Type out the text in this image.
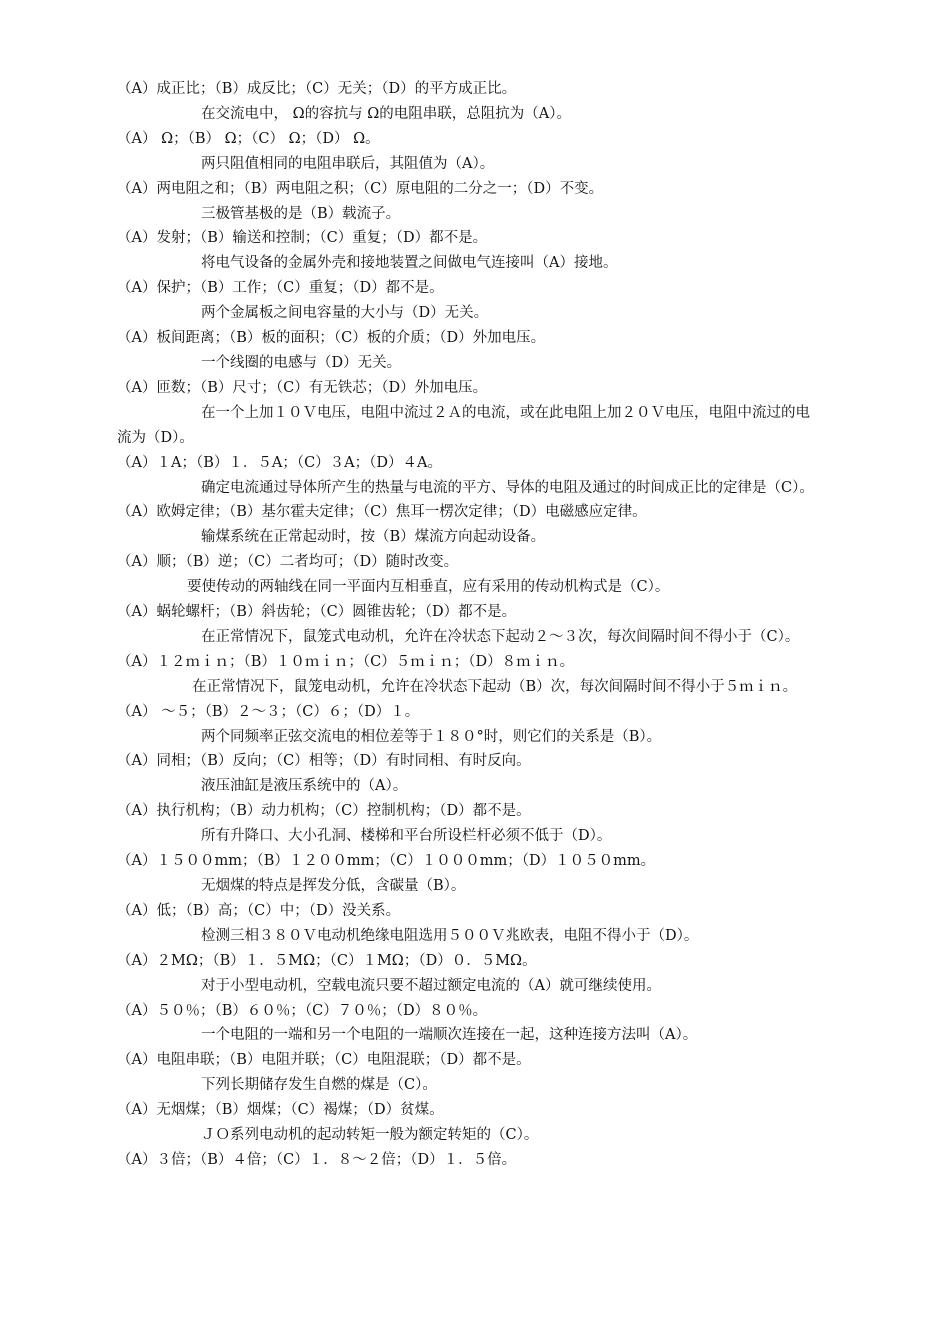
（A）成正比；（B）成反比；（C）无关；（D）的平方成正比。
在交流电中， Ω的容抗与 Ω的电阻串联，总阻抗为（A）。
（A） Ω；（B） Ω；（C） Ω；（D） Ω。
两只阻值相同的电阻串联后，其阻值为（A）。
（A）两电阻之和；（B）两电阻之积；（C）原电阻的二分之一；（D）不变。
三极管基极的是（B）载流子。
（A）发射；（B）输送和控制；（C）重复；（D）都不是。
将电气设备的金属外壳和接地装置之间做电气连接叫（A）接地。
（A）保护；（B）工作；（C）重复；（D）都不是。
两个金属板之间电容量的大小与（D）无关。
（A）板间距离；（B）板的面积；（C）板的介质；（D）外加电压。
一个线圈的电感与（D）无关。
（A）匝数；（B）尺寸；（C）有无铁芯；（D）外加电压。
在一个上加１０Ｖ电压，电阻中流过２Ａ的电流，或在此电阻上加２０Ｖ电压，电阻中流过的电流为（D）。
（A）１A；（B）１．５A；（C）３A；（D）４A。
确定电流通过导体所产生的热量与电流的平方、导体的电阻及通过的时间成正比的定律是（C）。
（A）欧姆定律；（B）基尔霍夫定律；（C）焦耳一楞次定律；（D）电磁感应定律。
输煤系统在正常起动时，按（B）煤流方向起动设备。
（A）顺；（B）逆；（C）二者均可；（D）随时改变。
要使传动的两轴线在同一平面内互相垂直，应有采用的传动机构式是（C）。
（A）蜗轮螺杆；（B）斜齿轮；（C）圆锥齿轮；（D）都不是。
在正常情况下，鼠笼式电动机，允许在冷状态下起动２～３次，每次间隔时间不得小于（C）。
（A）１２ｍｉｎ；（B）１０ｍｉｎ；（C）５ｍｉｎ；（D）８ｍｉｎ。
在正常情况下，鼠笼电动机，允许在冷状态下起动（B）次，每次间隔时间不得小于５ｍｉｎ。
（A） ～５；（B）２～３；（C）６；（D）１。
两个同频率正弦交流电的相位差等于１８０°时，则它们的关系是（B）。
（A）同相；（B）反向；（C）相等；（D）有时同相、有时反向。
液压油缸是液压系统中的（A）。
（A）执行机构；（B）动力机构；（C）控制机构；（D）都不是。
所有升降口、大小孔洞、楼梯和平台所设栏杆必须不低于（D）。
（A）１５００mm；（B）１２００mm；（C）１０００mm；（D）１０５０mm。
无烟煤的特点是挥发分低，含碳量（B）。
（A）低；（B）高；（C）中；（D）没关系。
检测三相３８０Ｖ电动机绝缘电阻选用５００Ｖ兆欧表，电阻不得小于（D）。
（A）２MΩ；（B）１．５MΩ；（C）１MΩ；（D）０．５MΩ。
对于小型电动机，空载电流只要不超过额定电流的（A）就可继续使用。
（A）５０％；（B）６０％；（C）７０％；（D）８０％。
一个电阻的一端和另一个电阻的一端顺次连接在一起，这种连接方法叫（A）。
（A）电阻串联；（B）电阻并联；（C）电阻混联；（D）都不是。
下列长期储存发生自燃的煤是（C）。
（A）无烟煤；（B）烟煤；（C）褐煤；（D）贫煤。
ＪＯ系列电动机的起动转矩一般为额定转矩的（C）。
（A）３倍；（B）４倍；（C）１．８～２倍；（D）１．５倍。
